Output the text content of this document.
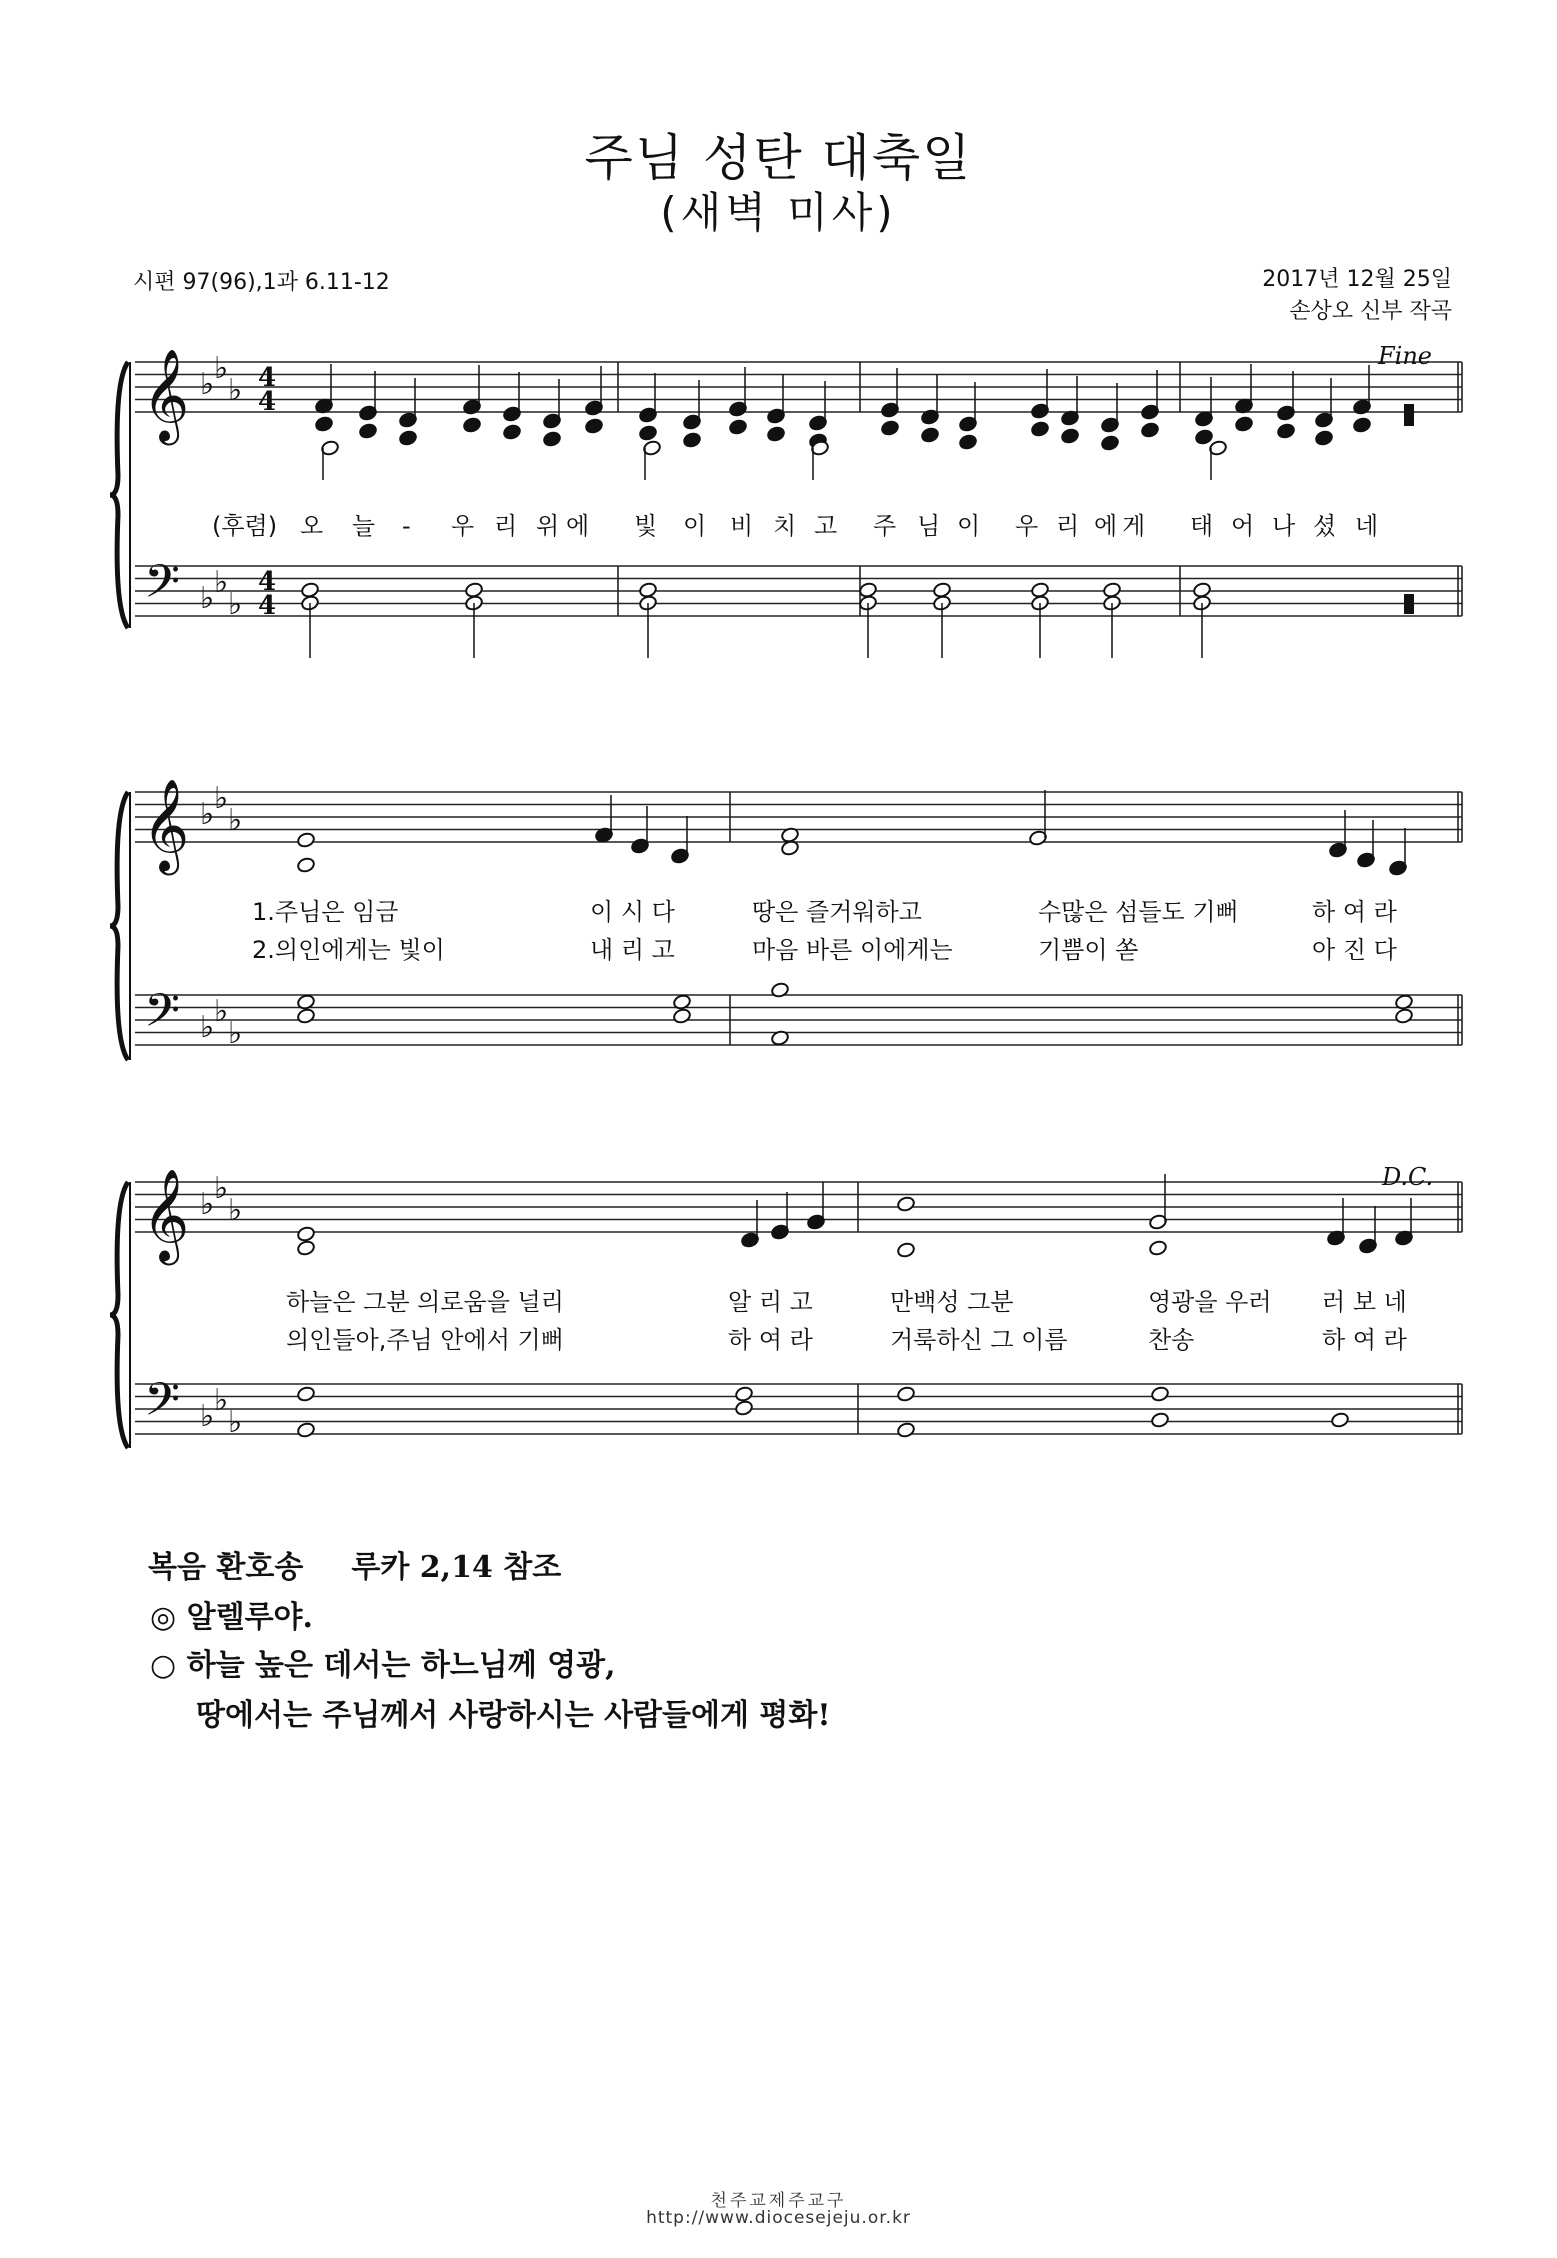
주님 성탄 대축일
(새벽 미사)
시편 97(96),1과 6.11-12	2017년 12월 25일
손상오 신부 작곡
𝄞
𝄢
♭ ♭
♭
♭ ♭
♭
4
4
4
4
𝄞
𝄢
♭ ♭
♭
♭ ♭
♭
𝄞
𝄢
♭ ♭
♭
♭ ♭
♭
Fine
D.C.
(후렴) 오 늘 - 우 리 위 에 빛 이 비 치 고 주 님 이 우 리 에 게 태 어 나 셨 네
1.주님은 임금	이 시 다	땅은 즐거워하고	수많은 섬들도 기뻐	하 여 라
2.의인에게는 빛이	내 리 고	마음 바른 이에게는	기쁨이 쏟	아 진 다
하늘은 그분 의로움을 널리	알 리 고	만백성 그분	영광을 우러 러 보 네
의인들아,주님 안에서 기뻐	하 여 라	거룩하신 그 이름	찬송	하 여 라
복음 환호송 루카 2,14 참조
◎ 알렐루야.
○ 하늘 높은 데서는 하느님께 영광,
땅에서는 주님께서 사랑하시는 사람들에게 평화!
천주교제주교구
http://www.diocesejeju.or.kr
